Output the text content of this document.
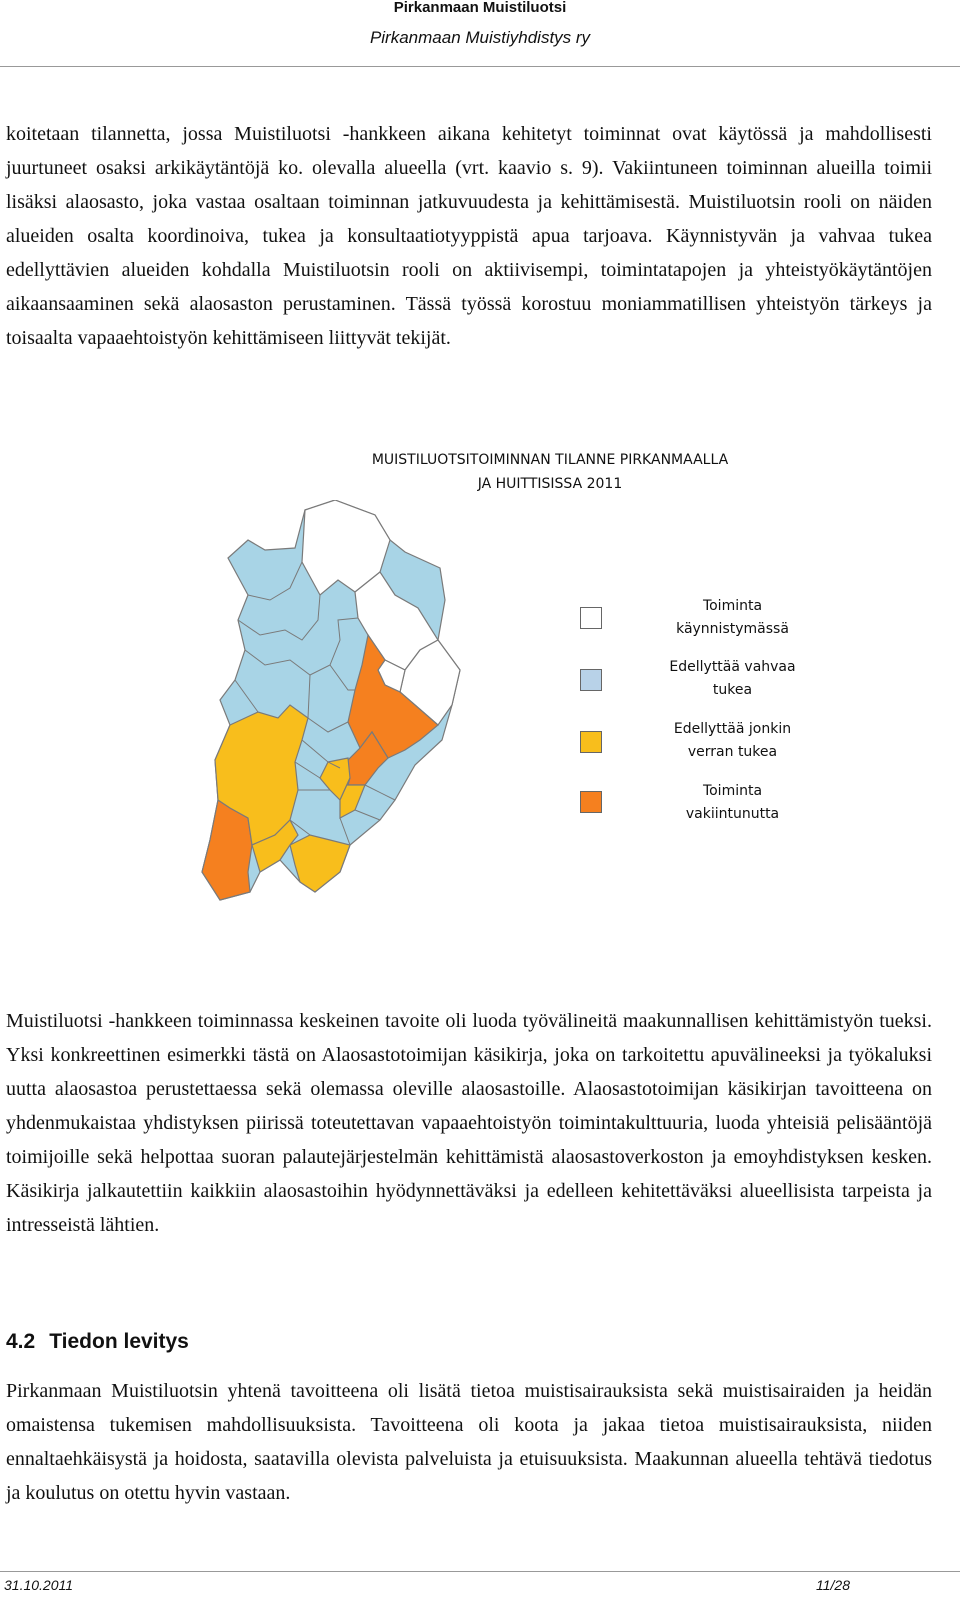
Pirkanmaan Muistiluotsi
Pirkanmaan Muistiyhdistys ry

koitetaan tilannetta, jossa Muistiluotsi -hankkeen aikana kehitetyt toiminnat ovat käytössä ja mahdollisesti juurtuneet osaksi arkikäytäntöjä ko. olevalla alueella (vrt. kaavio s. 9). Vakiintuneen toiminnan alueilla toimii lisäksi alaosasto, joka vastaa osaltaan toiminnan jatkuvuudesta ja kehittämisestä. Muistiluotsin rooli on näiden alueiden osalta koordinoiva, tukea ja konsultaatiotyyppistä apua tarjoava. Käynnistyvän ja vahvaa tukea edellyttävien alueiden kohdalla Muistiluotsin rooli on aktiivisempi, toimintatapojen ja yhteistyökäytäntöjen aikaansaaminen sekä alaosaston perustaminen. Tässä työssä korostuu moniammatillisen yhteistyön tärkeys ja toisaalta vapaaehtoistyön kehittämiseen liittyvät tekijät.

MUISTILUOTSITOIMINNAN TILANNE PIRKANMAALLA
JA HUITTISISSA 2011
Toiminta
käynnistymässä
Edellyttää vahvaa
tukea
Edellyttää jonkin
verran tukea
Toiminta
vakiintunutta

Muistiluotsi -hankkeen toiminnassa keskeinen tavoite oli luoda työvälineitä maakunnallisen kehittämistyön tueksi. Yksi konkreettinen esimerkki tästä on Alaosastotoimijan käsikirja, joka on tarkoitettu apuvälineeksi ja työkaluksi uutta alaosastoa perustettaessa sekä olemassa oleville alaosastoille. Alaosastotoimijan käsikirjan tavoitteena on yhdenmukaistaa yhdistyksen piirissä toteutettavan vapaaehtoistyön toimintakulttuuria, luoda yhteisiä pelisääntöjä toimijoille sekä helpottaa suoran palautejärjestelmän kehittämistä alaosastoverkoston ja emoyhdistyksen kesken. Käsikirja jalkautettiin kaikkiin alaosastoihin hyödynnettäväksi ja edelleen kehitettäväksi alueellisista tarpeista ja intresseistä lähtien.

4.2 Tiedon levitys

Pirkanmaan Muistiluotsin yhtenä tavoitteena oli lisätä tietoa muistisairauksista sekä muistisairaiden ja heidän omaistensa tukemisen mahdollisuuksista. Tavoitteena oli koota ja jakaa tietoa muistisairauksista, niiden ennaltaehkäisystä ja hoidosta, saatavilla olevista palveluista ja etuisuuksista. Maakunnan alueella tehtävä tiedotus ja koulutus on otettu hyvin vastaan.

31.10.2011	11/28
